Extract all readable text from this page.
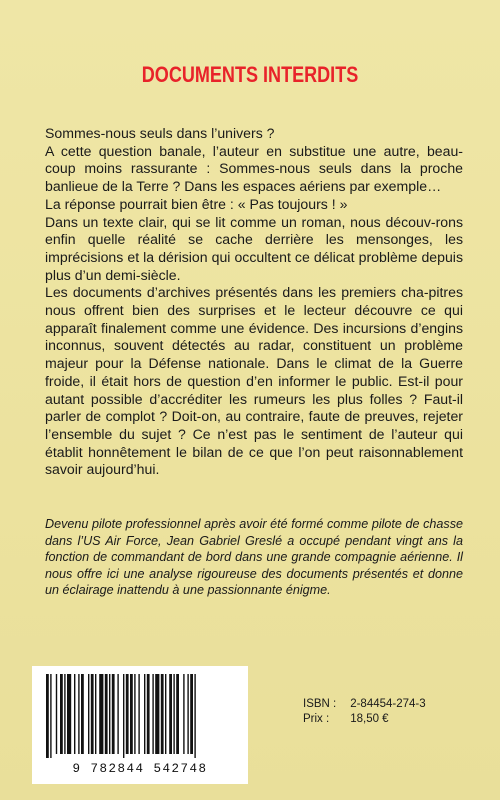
DOCUMENTS INTERDITS

Sommes-nous seuls dans l’univers ?

A cette question banale, l’auteur en substitue une autre, beau-coup moins rassurante : Sommes-nous seuls dans la proche banlieue de la Terre ? Dans les espaces aériens par exemple…

La réponse pourrait bien être : « Pas toujours ! »

Dans un texte clair, qui se lit comme un roman, nous découv-rons enfin quelle réalité se cache derrière les mensonges, les imprécisions et la dérision qui occultent ce délicat problème depuis plus d’un demi-siècle.

Les documents d’archives présentés dans les premiers cha-pitres nous offrent bien des surprises et le lecteur découvre ce qui apparaît finalement comme une évidence. Des incursions d’engins inconnus, souvent détectés au radar, constituent un problème majeur pour la Défense nationale. Dans le climat de la Guerre froide, il était hors de question d’en informer le public. Est-il pour autant possible d’accréditer les rumeurs les plus folles ? Faut-il parler de complot ? Doit-on, au contraire, faute de preuves, rejeter l’ensemble du sujet ? Ce n’est pas le sentiment de l’auteur qui établit honnêtement le bilan de ce que l’on peut raisonnablement savoir aujourd’hui.

Devenu pilote professionnel après avoir été formé comme pilote de chasse dans l’US Air Force, Jean Gabriel Greslé a occupé pendant vingt ans la fonction de commandant de bord dans une grande compagnie aérienne. Il nous offre ici une analyse rigoureuse des documents présentés et donne un éclairage inattendu à une passionnante énigme.
9 782844 542748
ISBN : 2-84454-274-3
Prix : 18,50 €
